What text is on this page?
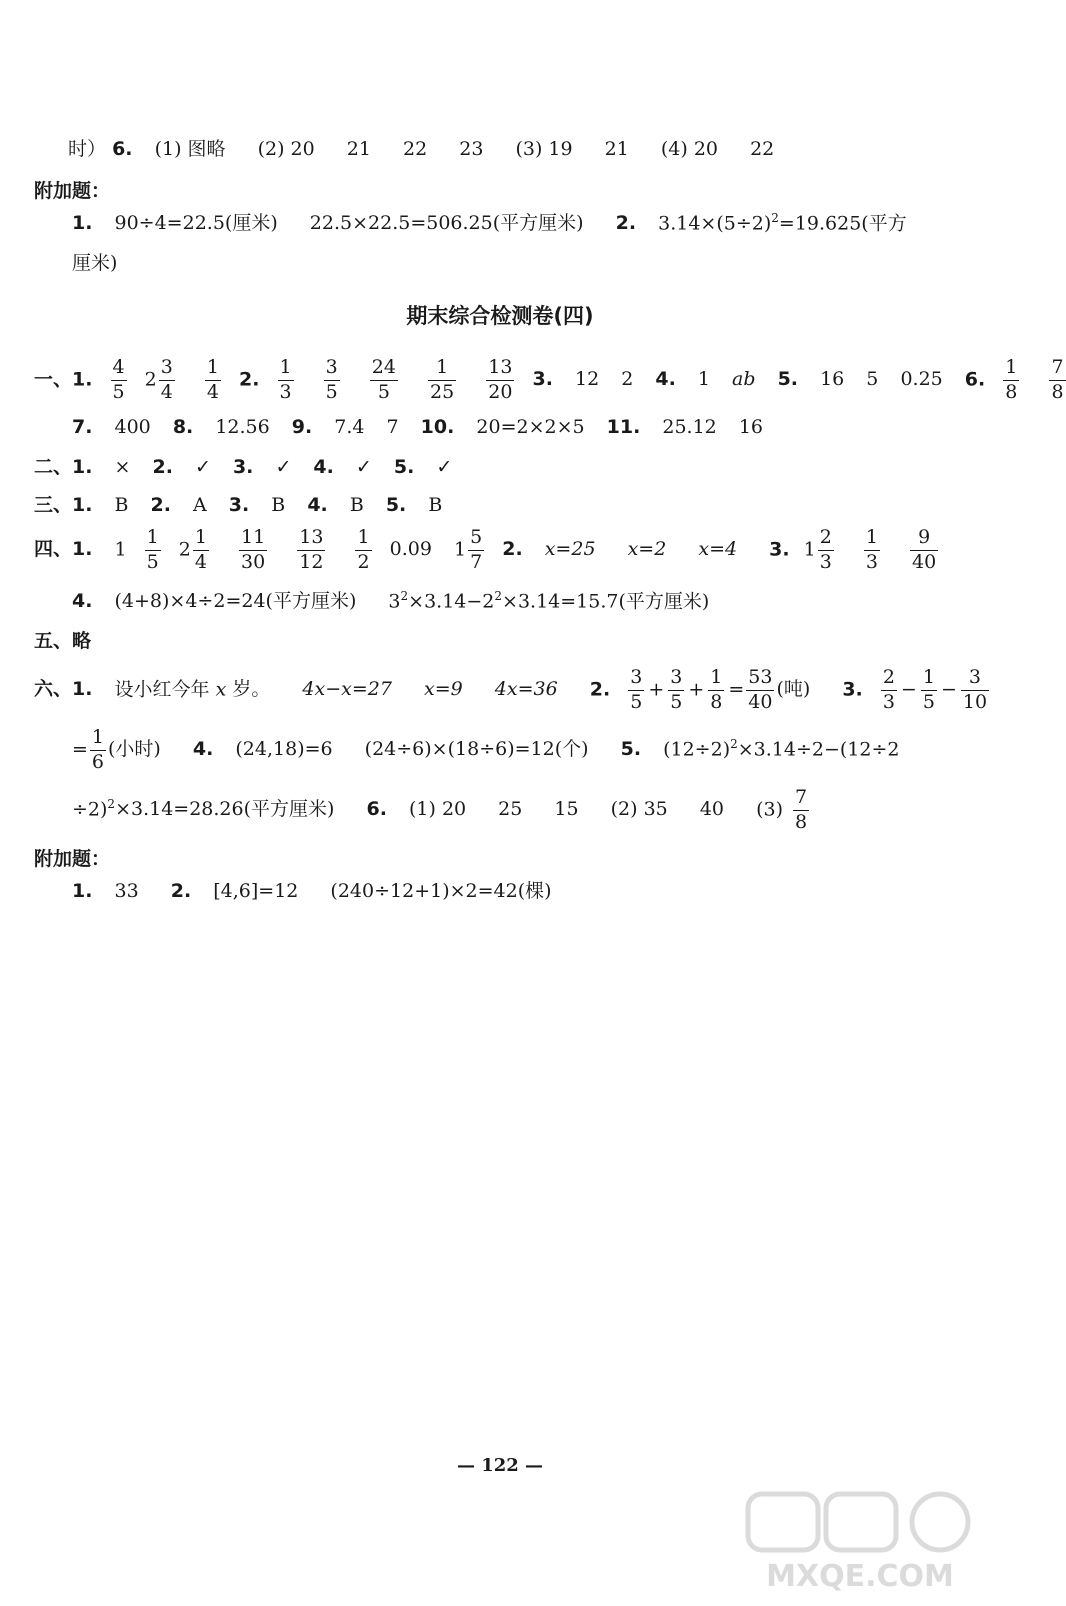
时） 6. (1) 图略 (2) 20 21 22 23 (3) 19 21 (4) 20 22
附加题：
1. 90÷4=22.5(厘米) 22.5×22.5=506.25(平方厘米) 2. $3.14\times(5\div 2)^2=19.625$(平方
厘米)
期末综合检测卷(四)
一、1. $\frac{4}{5} 2 \frac{3}{4}$
$\frac{1}{4} 2$. $\frac{1}{3}$
$\frac{3}{5}$
$\frac{24}{5}$
$\frac{1}{25}$
$\frac{13}{20} 3$. 12 2 4. 1 ab 5. 16 5 0.25 6. $\frac{1}{8}$
$\frac{7}{8}$
7. 400 8. 12.56 9. 7.4 7 10. 20=2×2×5 11. 25.12 16
二、1. × 2. ✓ 3. ✓ 4. ✓ 5. ✓
三、1. B 2. A 3. B 4. B 5. B
四、1. $1 \frac{1}{5} 2 \frac{1}{4}$
$\frac{11}{30}$
$\frac{13}{12}$
$\frac{1}{2} 0.09$ $1 \frac{5}{7} 2$. x=25 x=2 x=4 3. $1 \frac{2}{3}$
$\frac{1}{3}$
$\frac{9}{40}$
4. (4+8)×4÷2=24(平方厘米) $3^2\times 3.14-2^2\times 3.14=15.7$(平方厘米)
五、略
六、1. 设小红今年 x 岁。 4x−x=27 x=9 4x=36 2. $\frac{3}{5} + \frac{3}{5} + \frac{1}{8} = \frac{53}{40}$ (吨) 3. $\frac{2}{3} - \frac{1}{5} - \frac{3}{10}$
= $\frac{1}{6}$ (小时) 4. (24,18)=6 (24÷6)×(18÷6)=12(个) 5. $(12\div 2)^2\times 3.14\div 2-(12\div 2$
÷2)$^2$×3.14=28.26(平方厘米) 6. (1) 20 25 15 (2) 35 40 $(3) \frac{7}{8}$
附加题：
1. 33 2. [4,6]=12 (240÷12+1)×2=42(棵)
— 122 —
MXQE.COM
